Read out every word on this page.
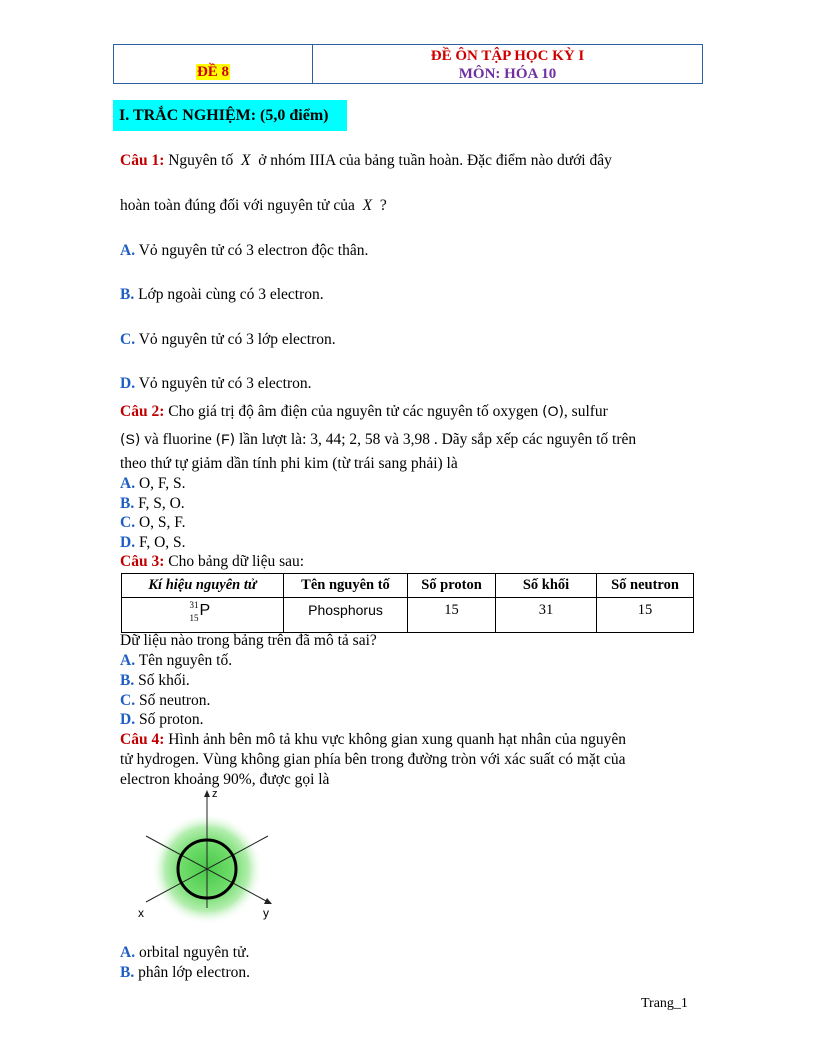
ĐỀ 8
ĐỀ ÔN TẬP HỌC KỲ I
MÔN: HÓA 10
I. TRẮC NGHIỆM: (5,0 điểm)
Câu 1: Nguyên tố X ở nhóm IIIA của bảng tuần hoàn. Đặc điểm nào dưới đây
hoàn toàn đúng đối với nguyên tử của X ?
A. Vỏ nguyên tử có 3 electron độc thân.
B. Lớp ngoài cùng có 3 electron.
C. Vỏ nguyên tử có 3 lớp electron.
D. Vỏ nguyên tử có 3 electron.
Câu 2: Cho giá trị độ âm điện của nguyên tử các nguyên tố oxygen (O), sulfur
(S) và fluorine (F) lần lượt là: 3, 44; 2, 58 và 3,98 . Dãy sắp xếp các nguyên tố trên
theo thứ tự giảm dần tính phi kim (từ trái sang phải) là
A. O, F, S.
B. F, S, O.
C. O, S, F.
D. F, O, S.
Câu 3: Cho bảng dữ liệu sau:
Kí hiệu nguyên tử	Tên nguyên tố	Số proton	Số khối	Số neutron

31
15 P	Phosphorus	15	31	15
Dữ liệu nào trong bảng trên đã mô tả sai?
A. Tên nguyên tố.
B. Số khối.
C. Số neutron.
D. Số proton.
Câu 4: Hình ảnh bên mô tả khu vực không gian xung quanh hạt nhân của nguyên
tử hydrogen. Vùng không gian phía bên trong đường tròn với xác suất có mặt của
electron khoảng 90%, được gọi là
z
x	y
A. orbital nguyên tử.
B. phân lớp electron.
Trang_1
